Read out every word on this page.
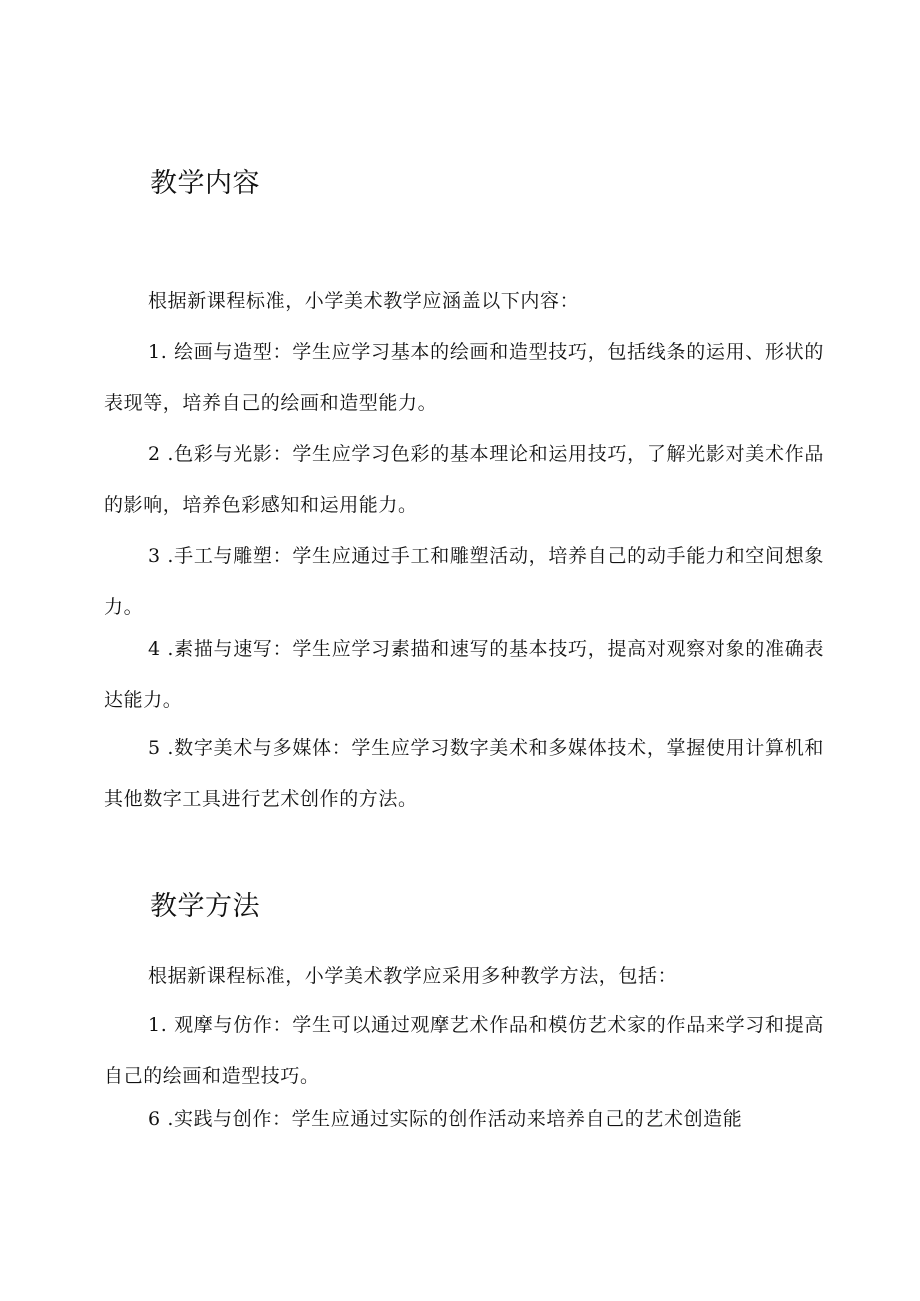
教学内容

根据新课程标准，小学美术教学应涵盖以下内容：

1. 绘画与造型：学生应学习基本的绘画和造型技巧，包括线条的运用、形状的表现等，培养自己的绘画和造型能力。

2 .色彩与光影：学生应学习色彩的基本理论和运用技巧，了解光影对美术作品的影响，培养色彩感知和运用能力。

3 .手工与雕塑：学生应通过手工和雕塑活动，培养自己的动手能力和空间想象力。

4 .素描与速写：学生应学习素描和速写的基本技巧，提高对观察对象的准确表达能力。

5 .数字美术与多媒体：学生应学习数字美术和多媒体技术，掌握使用计算机和其他数字工具进行艺术创作的方法。

教学方法

根据新课程标准，小学美术教学应采用多种教学方法，包括：

1. 观摩与仿作：学生可以通过观摩艺术作品和模仿艺术家的作品来学习和提高自己的绘画和造型技巧。

6 .实践与创作：学生应通过实际的创作活动来培养自己的艺术创造能
